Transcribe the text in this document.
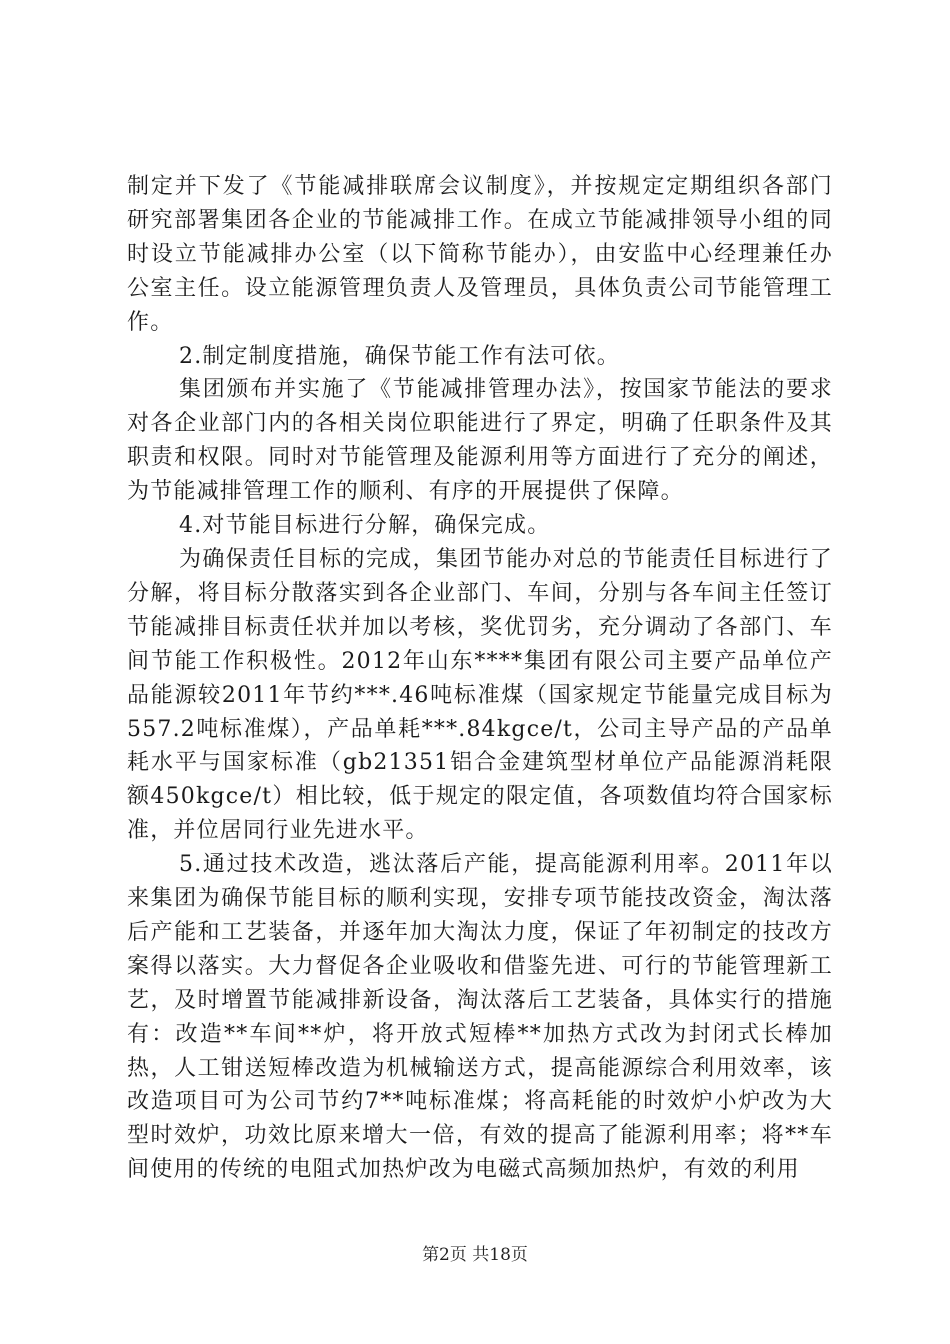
制定并下发了《节能减排联席会议制度》，并按规定定期组织各部门研究部署集团各企业的节能减排工作。在成立节能减排领导小组的同时设立节能减排办公室（以下简称节能办），由安监中心经理兼任办公室主任。设立能源管理负责人及管理员，具体负责公司节能管理工作。

2.制定制度措施，确保节能工作有法可依。

集团颁布并实施了《节能减排管理办法》，按国家节能法的要求对各企业部门内的各相关岗位职能进行了界定，明确了任职条件及其职责和权限。同时对节能管理及能源利用等方面进行了充分的阐述，为节能减排管理工作的顺利、有序的开展提供了保障。

4.对节能目标进行分解，确保完成。

为确保责任目标的完成，集团节能办对总的节能责任目标进行了分解，将目标分散落实到各企业部门、车间，分别与各车间主任签订节能减排目标责任状并加以考核，奖优罚劣，充分调动了各部门、车间节能工作积极性。2012年山东****集团有限公司主要产品单位产品能源较2011年节约***.46吨标准煤（国家规定节能量完成目标为557.2吨标准煤），产品单耗***.84kgce/t，公司主导产品的产品单耗水平与国家标准（gb21351铝合金建筑型材单位产品能源消耗限额450kgce/t）相比较，低于规定的限定值，各项数值均符合国家标准，并位居同行业先进水平。

5.通过技术改造，逃汰落后产能，提高能源利用率。2011年以来集团为确保节能目标的顺利实现，安排专项节能技改资金，淘汰落后产能和工艺装备，并逐年加大淘汰力度，保证了年初制定的技改方案得以落实。大力督促各企业吸收和借鉴先进、可行的节能管理新工艺，及时增置节能减排新设备，淘汰落后工艺装备，具体实行的措施有：改造**车间**炉，将开放式短棒**加热方式改为封闭式长棒加热，人工钳送短棒改造为机械输送方式，提高能源综合利用效率，该改造项目可为公司节约7**吨标准煤；将高耗能的时效炉小炉改为大型时效炉，功效比原来增大一倍，有效的提高了能源利用率；将**车间使用的传统的电阻式加热炉改为电磁式高频加热炉，有效的利用

第2页 共18页
